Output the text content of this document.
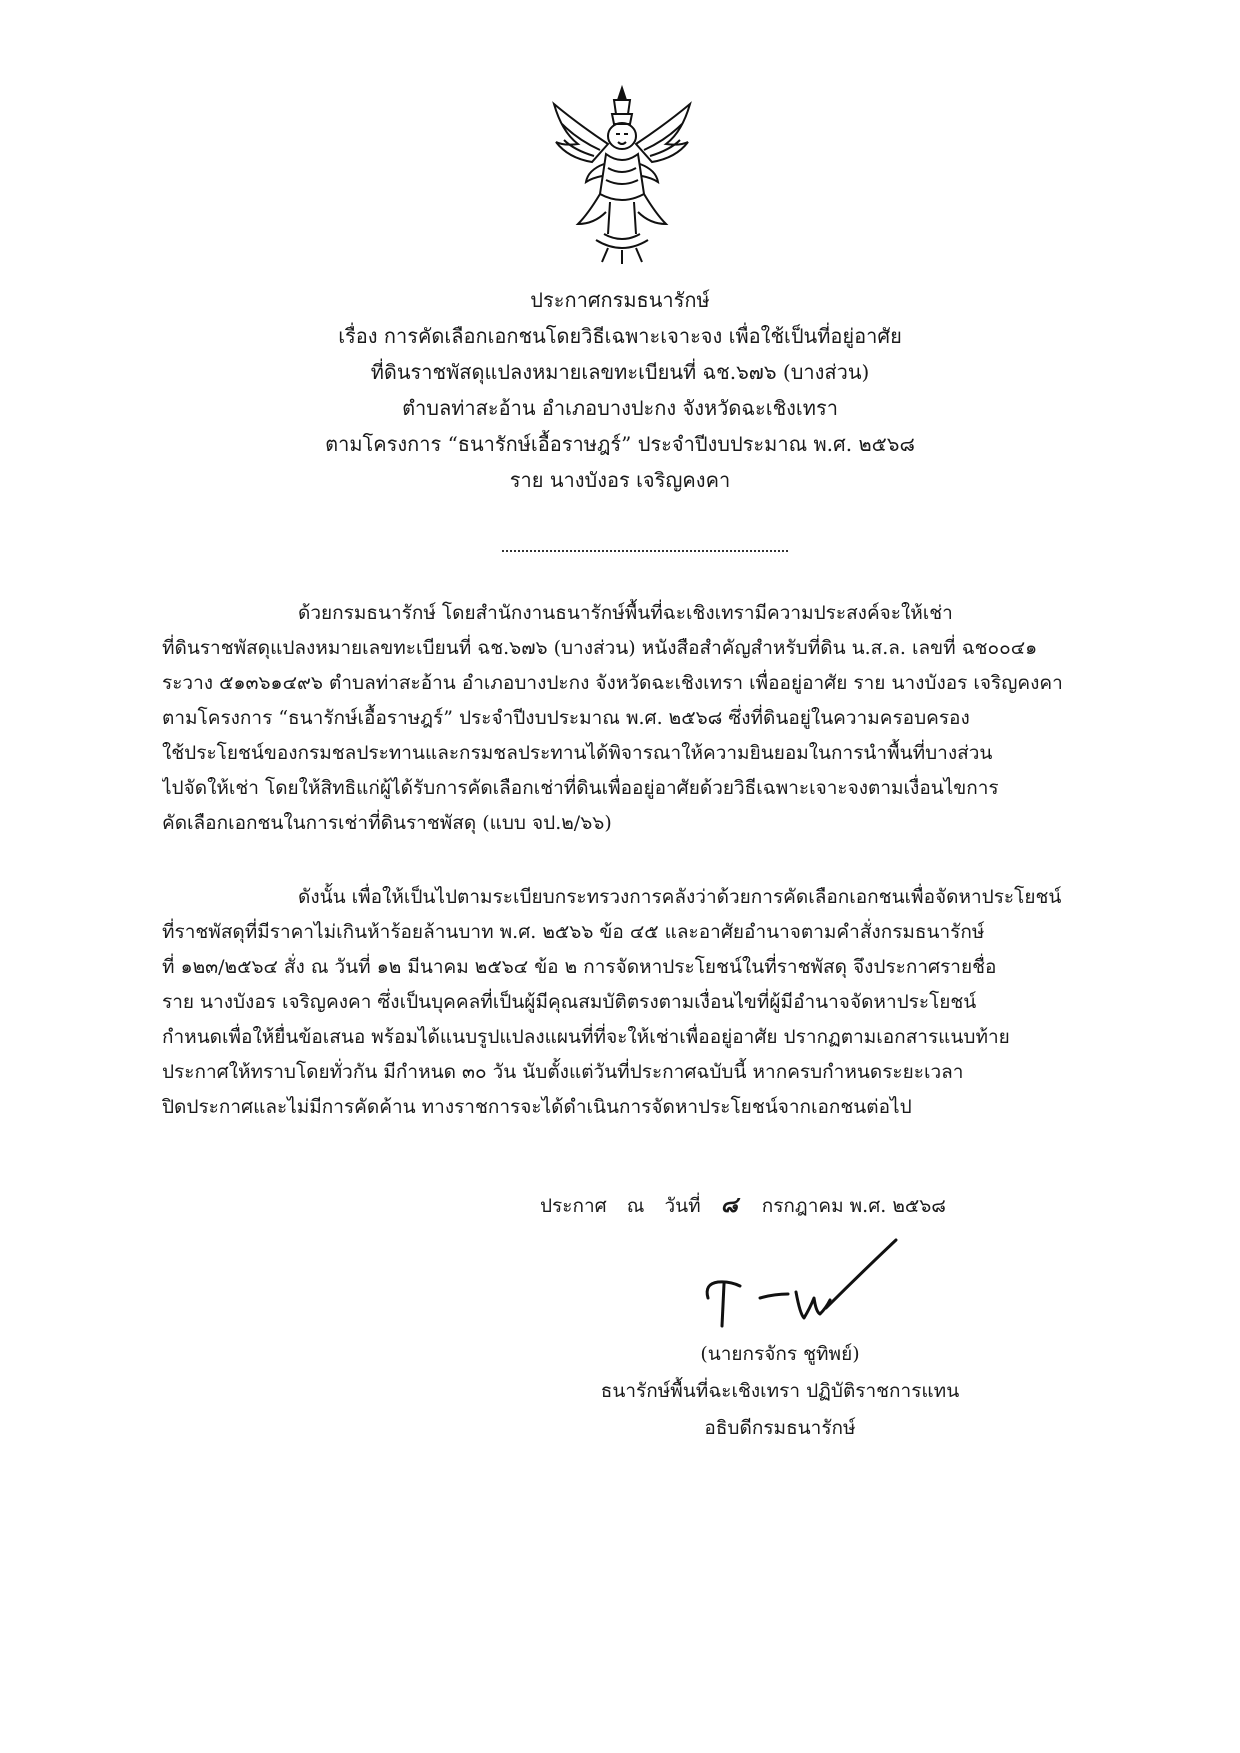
ประกาศกรมธนารักษ์
เรื่อง การคัดเลือกเอกชนโดยวิธีเฉพาะเจาะจง เพื่อใช้เป็นที่อยู่อาศัย
ที่ดินราชพัสดุแปลงหมายเลขทะเบียนที่ ฉช.๖๗๖ (บางส่วน)
ตำบลท่าสะอ้าน อำเภอบางปะกง จังหวัดฉะเชิงเทรา
ตามโครงการ “ธนารักษ์เอื้อราษฎร์” ประจำปีงบประมาณ พ.ศ. ๒๕๖๘
ราย นางบังอร เจริญคงคา
ด้วยกรมธนารักษ์ โดยสำนักงานธนารักษ์พื้นที่ฉะเชิงเทรามีความประสงค์จะให้เช่า
ที่ดินราชพัสดุแปลงหมายเลขทะเบียนที่ ฉช.๖๗๖ (บางส่วน) หนังสือสำคัญสำหรับที่ดิน น.ส.ล. เลขที่ ฉช๐๐๔๑
ระวาง ๕๑๓๖๑๔๙๖ ตำบลท่าสะอ้าน อำเภอบางปะกง จังหวัดฉะเชิงเทรา เพื่ออยู่อาศัย ราย นางบังอร เจริญคงคา
ตามโครงการ “ธนารักษ์เอื้อราษฎร์” ประจำปีงบประมาณ พ.ศ. ๒๕๖๘ ซึ่งที่ดินอยู่ในความครอบครอง
ใช้ประโยชน์ของกรมชลประทานและกรมชลประทานได้พิจารณาให้ความยินยอมในการนำพื้นที่บางส่วน
ไปจัดให้เช่า โดยให้สิทธิแก่ผู้ได้รับการคัดเลือกเช่าที่ดินเพื่ออยู่อาศัยด้วยวิธีเฉพาะเจาะจงตามเงื่อนไขการ
คัดเลือกเอกชนในการเช่าที่ดินราชพัสดุ (แบบ จป.๒/๖๖)
ดังนั้น เพื่อให้เป็นไปตามระเบียบกระทรวงการคลังว่าด้วยการคัดเลือกเอกชนเพื่อจัดหาประโยชน์
ที่ราชพัสดุที่มีราคาไม่เกินห้าร้อยล้านบาท พ.ศ. ๒๕๖๖ ข้อ ๔๕ และอาศัยอำนาจตามคำสั่งกรมธนารักษ์
ที่ ๑๒๓/๒๕๖๔ สั่ง ณ วันที่ ๑๒ มีนาคม ๒๕๖๔ ข้อ ๒ การจัดหาประโยชน์ในที่ราชพัสดุ จึงประกาศรายชื่อ
ราย นางบังอร เจริญคงคา ซึ่งเป็นบุคคลที่เป็นผู้มีคุณสมบัติตรงตามเงื่อนไขที่ผู้มีอำนาจจัดหาประโยชน์
กำหนดเพื่อให้ยื่นข้อเสนอ พร้อมได้แนบรูปแปลงแผนที่ที่จะให้เช่าเพื่ออยู่อาศัย ปรากฏตามเอกสารแนบท้าย
ประกาศให้ทราบโดยทั่วกัน มีกำหนด ๓๐ วัน นับตั้งแต่วันที่ประกาศฉบับนี้ หากครบกำหนดระยะเวลา
ปิดประกาศและไม่มีการคัดค้าน ทางราชการจะได้ดำเนินการจัดหาประโยชน์จากเอกชนต่อไป
ประกาศ ณ วันที่ ๘ กรกฎาคม พ.ศ. ๒๕๖๘
(นายกรจักร ชูทิพย์)
ธนารักษ์พื้นที่ฉะเชิงเทรา ปฏิบัติราชการแทน
อธิบดีกรมธนารักษ์
